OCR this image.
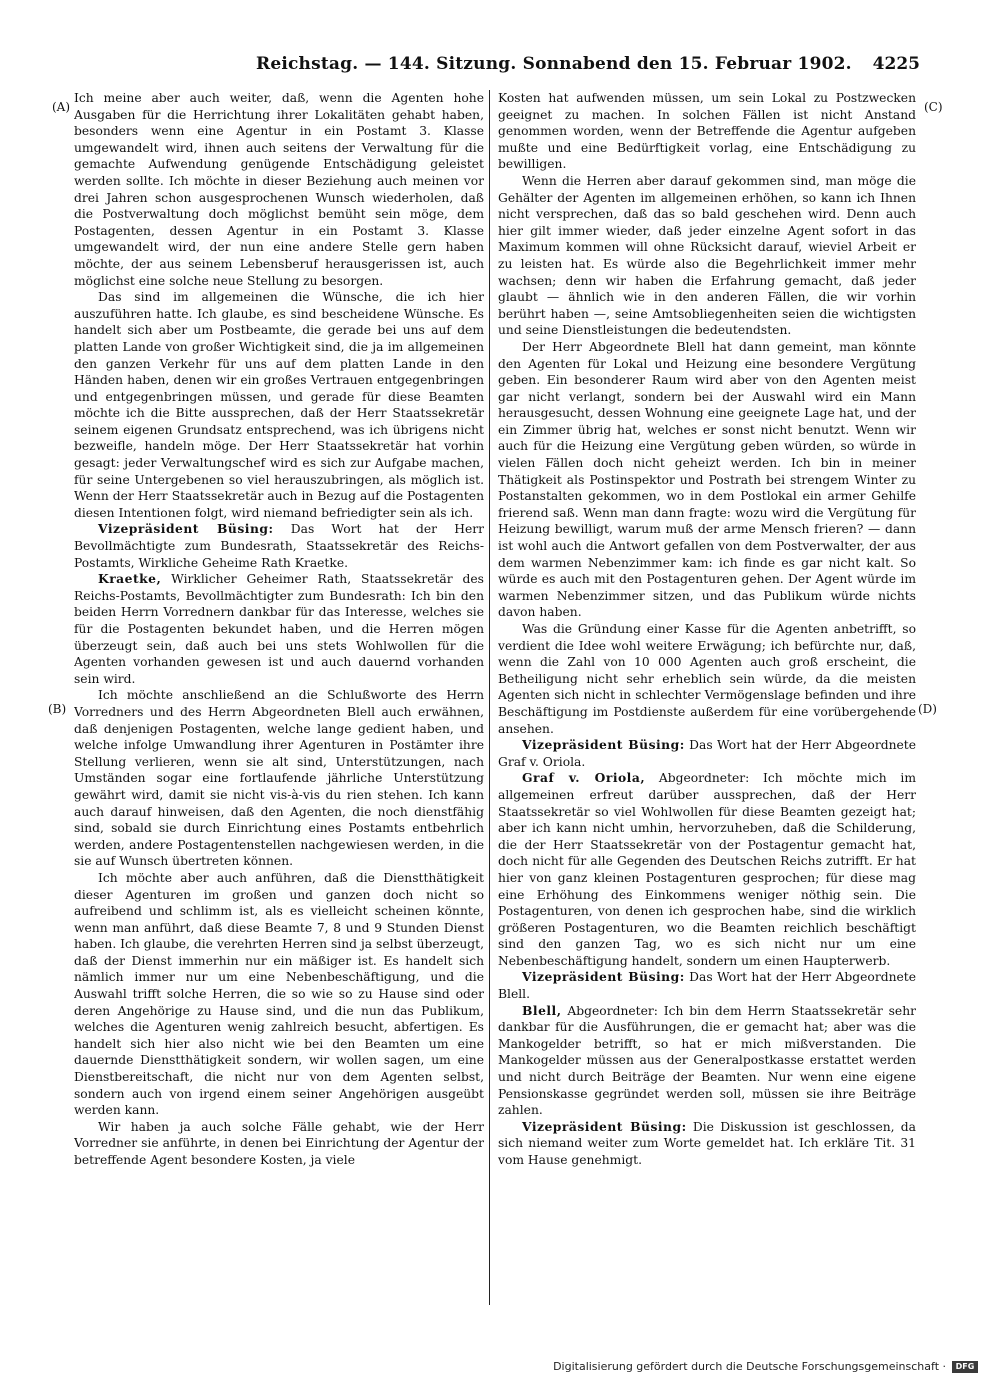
Reichstag. — 144. Sitzung. Sonnabend den 15. Februar 1902. 4225
(A)
(B)
(C)
(D)

Ich meine aber auch weiter, daß, wenn die Agenten hohe Ausgaben für die Herrichtung ihrer Lokalitäten gehabt haben, besonders wenn eine Agentur in ein Postamt 3. Klasse umgewandelt wird, ihnen auch seitens der Verwaltung für die gemachte Aufwendung genügende Entschädigung geleistet werden sollte. Ich möchte in dieser Beziehung auch meinen vor drei Jahren schon ausgesprochenen Wunsch wiederholen, daß die Postverwaltung doch möglichst bemüht sein möge, dem Postagenten, dessen Agentur in ein Postamt 3. Klasse umgewandelt wird, der nun eine andere Stelle gern haben möchte, der aus seinem Lebensberuf herausgerissen ist, auch möglichst eine solche neue Stellung zu besorgen.

Das sind im allgemeinen die Wünsche, die ich hier auszuführen hatte. Ich glaube, es sind bescheidene Wünsche. Es handelt sich aber um Postbeamte, die gerade bei uns auf dem platten Lande von großer Wichtigkeit sind, die ja im allgemeinen den ganzen Verkehr für uns auf dem platten Lande in den Händen haben, denen wir ein großes Vertrauen entgegenbringen und entgegenbringen müssen, und gerade für diese Beamten möchte ich die Bitte aussprechen, daß der Herr Staatssekretär seinem eigenen Grundsatz entsprechend, was ich übrigens nicht bezweifle, handeln möge. Der Herr Staatssekretär hat vorhin gesagt: jeder Verwaltungschef wird es sich zur Aufgabe machen, für seine Untergebenen so viel herauszubringen, als möglich ist. Wenn der Herr Staatssekretär auch in Bezug auf die Postagenten diesen Intentionen folgt, wird niemand befriedigter sein als ich.

Vizepräsident Büsing: Das Wort hat der Herr Bevollmächtigte zum Bundesrath, Staatssekretär des Reichs-Postamts, Wirkliche Geheime Rath Kraetke.

Kraetke, Wirklicher Geheimer Rath, Staatssekretär des Reichs-Postamts, Bevollmächtigter zum Bundesrath: Ich bin den beiden Herrn Vorrednern dankbar für das Interesse, welches sie für die Postagenten bekundet haben, und die Herren mögen überzeugt sein, daß auch bei uns stets Wohlwollen für die Agenten vorhanden gewesen ist und auch dauernd vorhanden sein wird.

Ich möchte anschließend an die Schlußworte des Herrn Vorredners und des Herrn Abgeordneten Blell auch erwähnen, daß denjenigen Postagenten, welche lange gedient haben, und welche infolge Umwandlung ihrer Agenturen in Postämter ihre Stellung verlieren, wenn sie alt sind, Unterstützungen, nach Umständen sogar eine fortlaufende jährliche Unterstützung gewährt wird, damit sie nicht vis-à-vis du rien stehen. Ich kann auch darauf hinweisen, daß den Agenten, die noch dienstfähig sind, sobald sie durch Einrichtung eines Postamts entbehrlich werden, andere Postagentenstellen nachgewiesen werden, in die sie auf Wunsch übertreten können.

Ich möchte aber auch anführen, daß die Dienstthätigkeit dieser Agenturen im großen und ganzen doch nicht so aufreibend und schlimm ist, als es vielleicht scheinen könnte, wenn man anführt, daß diese Beamte 7, 8 und 9 Stunden Dienst haben. Ich glaube, die verehrten Herren sind ja selbst überzeugt, daß der Dienst immerhin nur ein mäßiger ist. Es handelt sich nämlich immer nur um eine Nebenbeschäftigung, und die Auswahl trifft solche Herren, die so wie so zu Hause sind oder deren Angehörige zu Hause sind, und die nun das Publikum, welches die Agenturen wenig zahlreich besucht, abfertigen. Es handelt sich hier also nicht wie bei den Beamten um eine dauernde Dienstthätigkeit sondern, wir wollen sagen, um eine Dienstbereitschaft, die nicht nur von dem Agenten selbst, sondern auch von irgend einem seiner Angehörigen ausgeübt werden kann.

Wir haben ja auch solche Fälle gehabt, wie der Herr Vorredner sie anführte, in denen bei Einrichtung der Agentur der betreffende Agent besondere Kosten, ja viele

Kosten hat aufwenden müssen, um sein Lokal zu Postzwecken geeignet zu machen. In solchen Fällen ist nicht Anstand genommen worden, wenn der Betreffende die Agentur aufgeben mußte und eine Bedürftigkeit vorlag, eine Entschädigung zu bewilligen.

Wenn die Herren aber darauf gekommen sind, man möge die Gehälter der Agenten im allgemeinen erhöhen, so kann ich Ihnen nicht versprechen, daß das so bald geschehen wird. Denn auch hier gilt immer wieder, daß jeder einzelne Agent sofort in das Maximum kommen will ohne Rücksicht darauf, wieviel Arbeit er zu leisten hat. Es würde also die Begehrlichkeit immer mehr wachsen; denn wir haben die Erfahrung gemacht, daß jeder glaubt — ähnlich wie in den anderen Fällen, die wir vorhin berührt haben —, seine Amtsobliegenheiten seien die wichtigsten und seine Dienstleistungen die bedeutendsten.

Der Herr Abgeordnete Blell hat dann gemeint, man könnte den Agenten für Lokal und Heizung eine besondere Vergütung geben. Ein besonderer Raum wird aber von den Agenten meist gar nicht verlangt, sondern bei der Auswahl wird ein Mann herausgesucht, dessen Wohnung eine geeignete Lage hat, und der ein Zimmer übrig hat, welches er sonst nicht benutzt. Wenn wir auch für die Heizung eine Vergütung geben würden, so würde in vielen Fällen doch nicht geheizt werden. Ich bin in meiner Thätigkeit als Postinspektor und Postrath bei strengem Winter zu Postanstalten gekommen, wo in dem Postlokal ein armer Gehilfe frierend saß. Wenn man dann fragte: wozu wird die Vergütung für Heizung bewilligt, warum muß der arme Mensch frieren? — dann ist wohl auch die Antwort gefallen von dem Postverwalter, der aus dem warmen Nebenzimmer kam: ich finde es gar nicht kalt. So würde es auch mit den Postagenturen gehen. Der Agent würde im warmen Nebenzimmer sitzen, und das Publikum würde nichts davon haben.

Was die Gründung einer Kasse für die Agenten anbetrifft, so verdient die Idee wohl weitere Erwägung; ich befürchte nur, daß, wenn die Zahl von 10 000 Agenten auch groß erscheint, die Betheiligung nicht sehr erheblich sein würde, da die meisten Agenten sich nicht in schlechter Vermögenslage befinden und ihre Beschäftigung im Postdienste außerdem für eine vorübergehende ansehen.

Vizepräsident Büsing: Das Wort hat der Herr Abgeordnete Graf v. Oriola.

Graf v. Oriola, Abgeordneter: Ich möchte mich im allgemeinen erfreut darüber aussprechen, daß der Herr Staatssekretär so viel Wohlwollen für diese Beamten gezeigt hat; aber ich kann nicht umhin, hervorzuheben, daß die Schilderung, die der Herr Staatssekretär von der Postagentur gemacht hat, doch nicht für alle Gegenden des Deutschen Reichs zutrifft. Er hat hier von ganz kleinen Postagenturen gesprochen; für diese mag eine Erhöhung des Einkommens weniger nöthig sein. Die Postagenturen, von denen ich gesprochen habe, sind die wirklich größeren Postagenturen, wo die Beamten reichlich beschäftigt sind den ganzen Tag, wo es sich nicht nur um eine Nebenbeschäftigung handelt, sondern um einen Haupterwerb.

Vizepräsident Büsing: Das Wort hat der Herr Abgeordnete Blell.

Blell, Abgeordneter: Ich bin dem Herrn Staatssekretär sehr dankbar für die Ausführungen, die er gemacht hat; aber was die Mankogelder betrifft, so hat er mich mißverstanden. Die Mankogelder müssen aus der Generalpostkasse erstattet werden und nicht durch Beiträge der Beamten. Nur wenn eine eigene Pensionskasse gegründet werden soll, müssen sie ihre Beiträge zahlen.

Vizepräsident Büsing: Die Diskussion ist geschlossen, da sich niemand weiter zum Worte gemeldet hat. Ich erkläre Tit. 31 vom Hause genehmigt.

Digitalisierung gefördert durch die Deutsche Forschungsgemeinschaft ·	DFG
